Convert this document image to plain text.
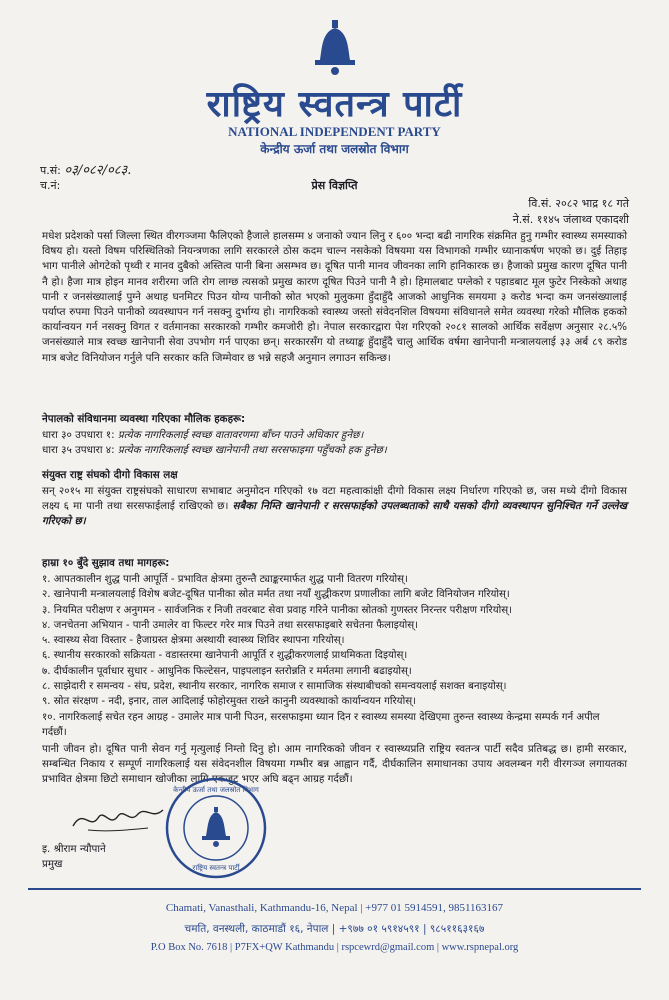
राष्ट्रिय स्वतन्त्र पार्टी
NATIONAL INDEPENDENT PARTY
केन्द्रीय ऊर्जा तथा जलस्रोत विभाग
प.सं: ०३/०८२/०८३.
च.नं:	प्रेस विज्ञप्ति
वि.सं. २०८२ भाद्र १८ गते
ने.सं. ११४५ जंलाथ्व एकादशी
मधेश प्रदेशको पर्सा जिल्ला स्थित वीरगञ्जमा फैलिएको हैजाले हालसम्म ४ जनाको ज्यान लिनु र ६०० भन्दा बढी नागरिक संक्रमित हुनु गम्भीर स्वास्थ्य समस्याको विषय हो। यस्तो विषम परिस्थितिको नियन्त्रणका लागि सरकारले ठोस कदम चाल्न नसकेको विषयमा यस विभागको गम्भीर ध्यानाकर्षण भएको छ। दुई तिहाइ भाग पानीले ओगटेको पृथ्वी र मानव दुबैको अस्तित्व पानी बिना असम्भव छ। दूषित पानी मानव जीवनका लागि हानिकारक छ। हैजाको प्रमुख कारण दूषित पानी नै हो। हैजा मात्र होइन मानव शरीरमा जति रोग लाग्छ त्यसको प्रमुख कारण दूषित पिउने पानी नै हो। हिमालबाट पग्लेको र पहाडबाट मूल फुटेर निस्केको अथाह पानी र जनसंख्यालाई पुग्ने अथाह घनमिटर पिउन योग्य पानीको स्रोत भएको मुलुकमा हुँदाहुँदै आजको आधुनिक समयमा ३ करोड भन्दा कम जनसंख्यालाई पर्याप्त रुपमा पिउने पानीको व्यवस्थापन गर्न नसक्नु दुर्भाग्य हो। नागरिकको स्वास्थ्य जस्तो संवेदनशिल विषयमा संविधानले समेत व्यवस्था गरेको मौलिक हकको कार्यान्वयन गर्न नसक्नु विगत र वर्तमानका सरकारको गम्भीर कमजोरी हो। नेपाल सरकारद्वारा पेश गरिएको २०८१ सालको आर्थिक सर्वेक्षण अनुसार २८.५% जनसंख्याले मात्र स्वच्छ खानेपानी सेवा उपभोग गर्न पाएका छन्। सरकारसँग यो तथ्याङ्क हुँदाहुँदै चालु आर्थिक वर्षमा खानेपानी मन्त्रालयलाई ३३ अर्ब ८९ करोड मात्र बजेट विनियोजन गर्नुले पनि सरकार कति जिम्मेवार छ भन्ने सहजै अनुमान लगाउन सकिन्छ।
नेपालको संविधानमा व्यवस्था गरिएका मौलिक हकहरू:
धारा ३० उपधारा १: प्रत्येक नागरिकलाई स्वच्छ वातावरणमा बाँच्न पाउने अधिकार हुनेछ।
धारा ३५ उपधारा ४: प्रत्येक नागरिकलाई स्वच्छ खानेपानी तथा सरसफाइमा पहुँचको हक हुनेछ।
संयुक्त राष्ट्र संघको दीगो विकास लक्ष
सन् २०१५ मा संयुक्त राष्ट्रसंघको साधारण सभाबाट अनुमोदन गरिएको १७ वटा महत्वाकांक्षी दीगो विकास लक्ष्य निर्धारण गरिएको छ, जस मध्ये दीगो विकास लक्ष्य ६ मा पानी तथा सरसफाईलाई राखिएको छ। सबैका निम्ति खानेपानी र सरसफाईको उपलब्धताको साथै यसको दीगो व्यवस्थापन सुनिश्चित गर्ने उल्लेख गरिएको छ।
हाम्रा १० बुँदे सुझाव तथा मागहरू:
१. आपतकालीन शुद्ध पानी आपूर्ति - प्रभावित क्षेत्रमा तुरुन्तै ट्याङ्करमार्फत शुद्ध पानी वितरण गरियोस्।
२. खानेपानी मन्त्रालयलाई विशेष बजेट-दूषित पानीका स्रोत मर्मत तथा नयाँ शुद्धीकरण प्रणालीका लागि बजेट विनियोजन गरियोस्।
३. नियमित परीक्षण र अनुगमन - सार्वजनिक र निजी तवरबाट सेवा प्रवाह गरिने पानीका स्रोतको गुणस्तर निरन्तर परीक्षण गरियोस्।
४. जनचेतना अभियान - पानी उमालेर वा फिल्टर गरेर मात्र पिउने तथा सरसफाइबारे सचेतना फैलाइयोस्।
५. स्वास्थ्य सेवा विस्तार - हैजाग्रस्त क्षेत्रमा अस्थायी स्वास्थ्य शिविर स्थापना गरियोस्।
६. स्थानीय सरकारको सक्रियता - वडास्तरमा खानेपानी आपूर्ति र शुद्धीकरणलाई प्राथमिकता दिइयोस्।
७. दीर्घकालीन पूर्वाधार सुधार - आधुनिक फिल्टेसन, पाइपलाइन स्तरोन्नति र मर्मतमा लगानी बढाइयोस्।
८. साझेदारी र समन्वय - संघ, प्रदेश, स्थानीय सरकार, नागरिक समाज र सामाजिक संस्थाबीचको समन्वयलाई सशक्त बनाइयोस्।
९. स्रोत संरक्षण - नदी, इनार, ताल आदिलाई फोहोरमुक्त राख्ने कानुनी व्यवस्थाको कार्यान्वयन गरियोस्।
१०. नागरिकलाई सचेत रहन आग्रह - उमालेर मात्र पानी पिउन, सरसफाइमा ध्यान दिन र स्वास्थ्य समस्या देखिएमा तुरुन्त स्वास्थ्य केन्द्रमा सम्पर्क गर्न अपील गर्दछौं।
पानी जीवन हो। दूषित पानी सेवन गर्नु मृत्युलाई निम्तो दिनु हो। आम नागरिकको जीवन र स्वास्थ्यप्रति राष्ट्रिय स्वतन्त्र पार्टी सदैव प्रतिबद्ध छ। हामी सरकार, सम्बन्धित निकाय र सम्पूर्ण नागरिकलाई यस संवेदनशील विषयमा गम्भीर बन्न आह्वान गर्दै, दीर्घकालिन समाधानका उपाय अवलम्बन गरी वीरगञ्ज लगायतका प्रभावित क्षेत्रमा छिटो समाधान खोजीका लागि एकजुट भएर अघि बढ्न आग्रह गर्दछौं।
इ. श्रीराम न्यौपाने
प्रमुख
केन्द्रीय ऊर्जा तथा जलस्रोत विभाग
राष्ट्रिय स्वतन्त्र पार्टी
Chamati, Vanasthali, Kathmandu-16, Nepal | +977 01 5914591, 9851163167
चमति, वनस्थली, काठमाडौं १६, नेपाल | +९७७ ०१ ५९१४५९१ | ९८५११६३१६७
P.O Box No. 7618 | P7FX+QW Kathmandu | rspcewrd@gmail.com | www.rspnepal.org
